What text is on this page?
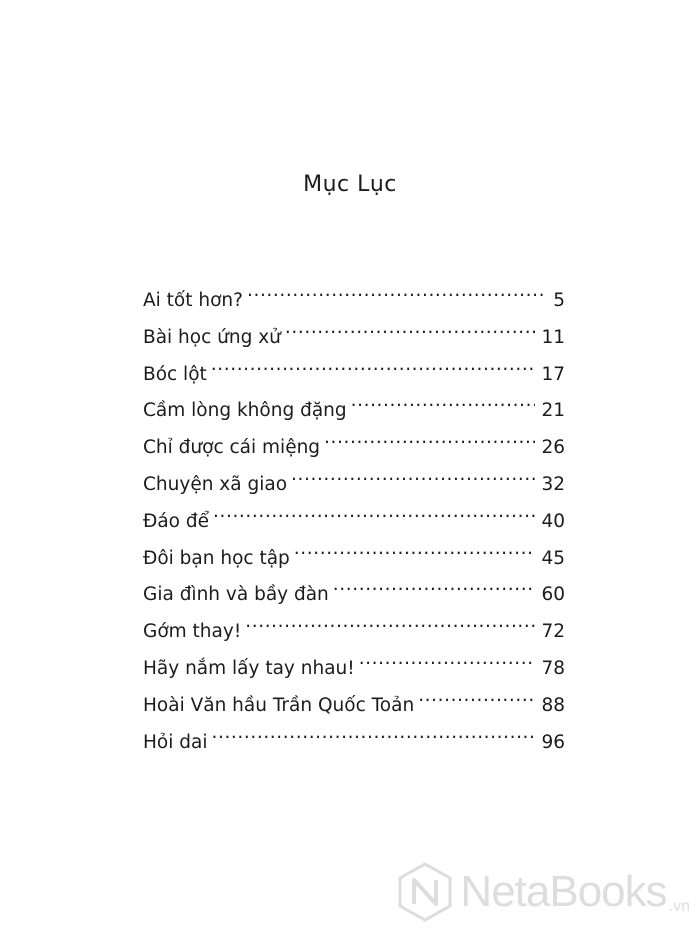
Mục Lục
Ai tốt hơn? .....	5
Bài học ứng xử .....	11
Bóc lột .....	17
Cầm lòng không đặng .....	21
Chỉ được cái miệng .....	26
Chuyện xã giao .....	32
Đáo để .....	40
Đôi bạn học tập .....	45
Gia đình và bầy đàn .....	60
Gớm thay! .....	72
Hãy nắm lấy tay nhau! .....	78
Hoài Văn hầu Trần Quốc Toản .....	88
Hỏi dai .....	96
NetaBooks .vn
